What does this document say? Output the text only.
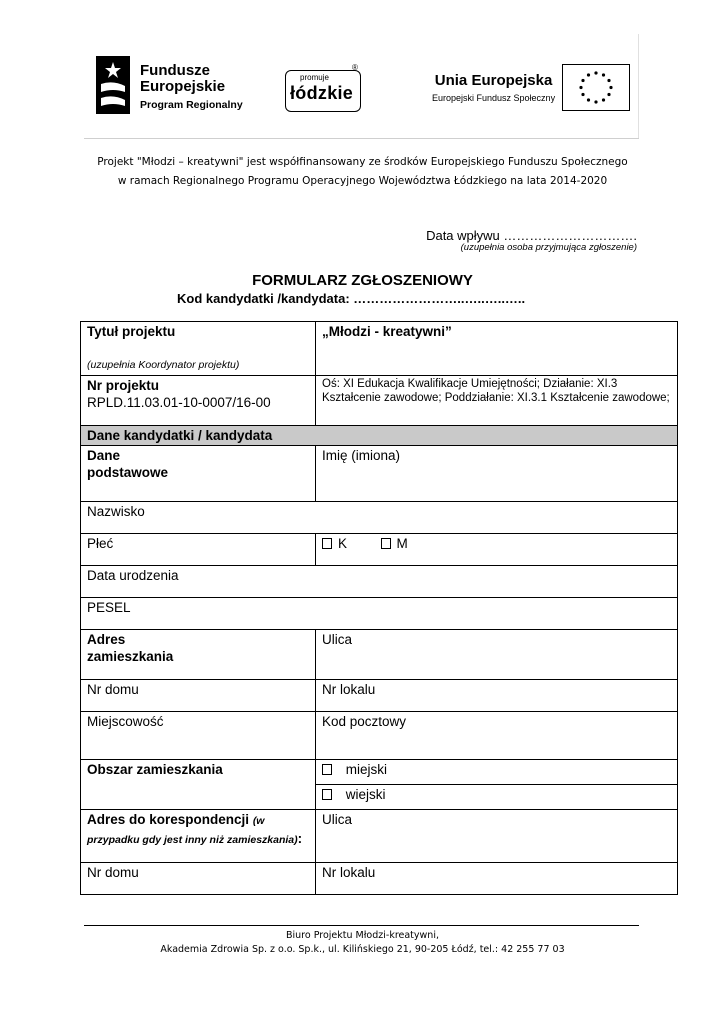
Fundusze
Europejskie
Program Regionalny
promuje
łódzkie
®
Unia Europejska
Europejski Fundusz Społeczny
Projekt "Młodzi – kreatywni" jest współfinansowany ze środków Europejskiego Funduszu Społecznego
w ramach Regionalnego Programu Operacyjnego Województwa Łódzkiego na lata 2014-2020
Data wpływu ………………………….
(uzupełnia osoba przyjmująca zgłoszenie)
FORMULARZ ZGŁOSZENIOWY
Kod kandydatki /kandydata: ……………………..…..…..…..
Tytuł projektu
(uzupełnia Koordynator projektu)	„Młodzi - kreatywni”

Nr projektu
RPLD.11.03.01-10-0007/16-00	Oś: XI Edukacja Kwalifikacje Umiejętności; Działanie: XI.3 Kształcenie zawodowe; Poddziałanie: XI.3.1 Kształcenie zawodowe;
Dane kandydatki / kandydata	

Dane
podstawowe	Imię (imiona)
Nazwisko	
Płeć	K M
Data urodzenia	
PESEL	

Adres
zamieszkania	Ulica
Nr domu	Nr lokalu
Miejscowość	Kod pocztowy
Obszar zamieszkania	miejski
	wiejski
Adres do korespondencji (w przypadku gdy jest inny niż zamieszkania):	Ulica
Nr domu	Nr lokalu
Biuro Projektu Młodzi-kreatywni,
Akademia Zdrowia Sp. z o.o. Sp.k., ul. Kilińskiego 21, 90-205 Łódź, tel.: 42 255 77 03
